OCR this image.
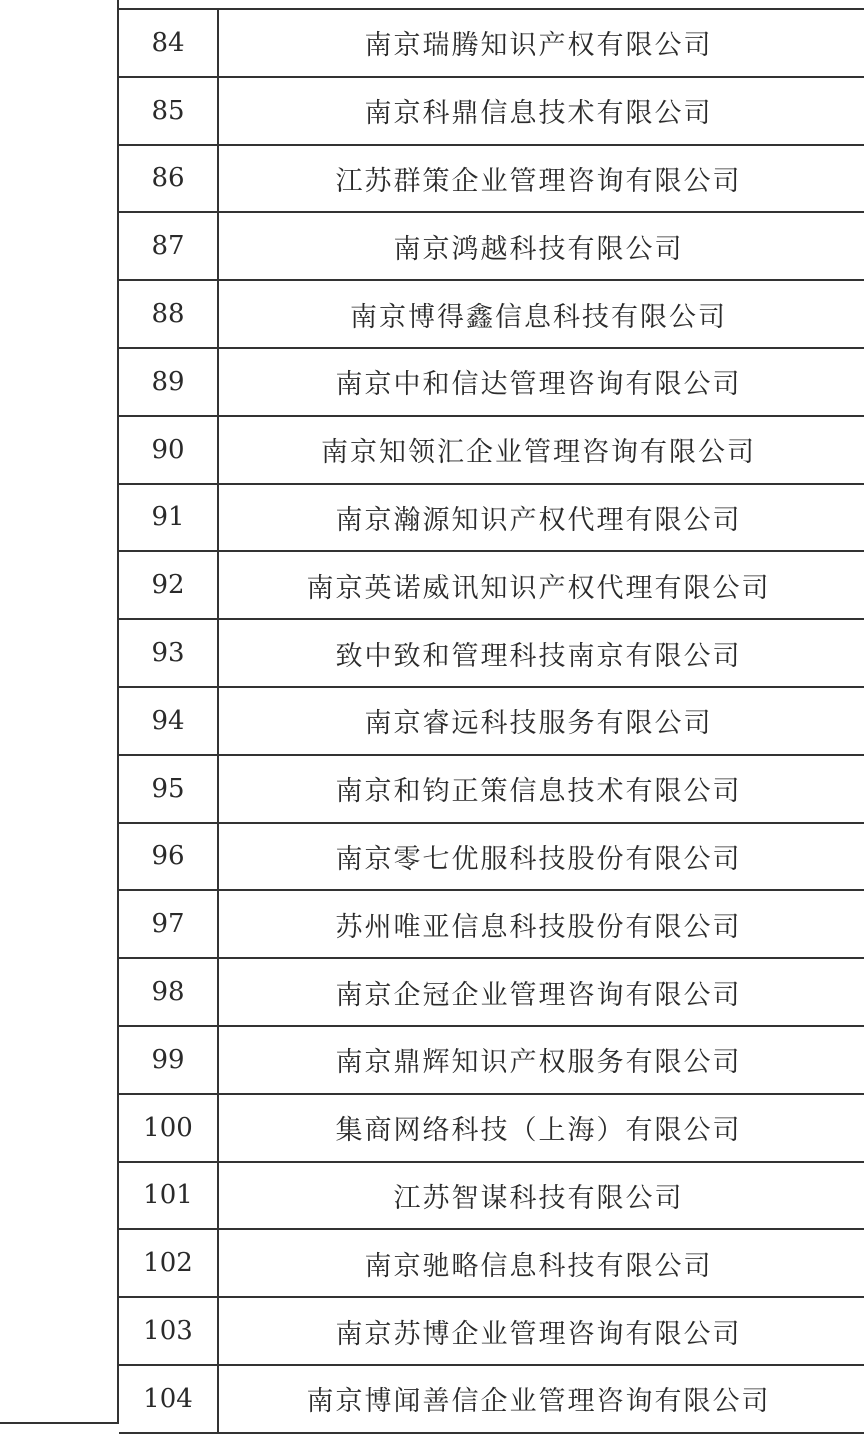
84	南京瑞腾知识产权有限公司
85	南京科鼎信息技术有限公司
86	江苏群策企业管理咨询有限公司
87	南京鸿越科技有限公司
88	南京博得鑫信息科技有限公司
89	南京中和信达管理咨询有限公司
90	南京知领汇企业管理咨询有限公司
91	南京瀚源知识产权代理有限公司
92	南京英诺威讯知识产权代理有限公司
93	致中致和管理科技南京有限公司
94	南京睿远科技服务有限公司
95	南京和钧正策信息技术有限公司
96	南京零七优服科技股份有限公司
97	苏州唯亚信息科技股份有限公司
98	南京企冠企业管理咨询有限公司
99	南京鼎辉知识产权服务有限公司
100	集商网络科技（上海）有限公司
101	江苏智谋科技有限公司
102	南京驰略信息科技有限公司
103	南京苏博企业管理咨询有限公司
104	南京博闻善信企业管理咨询有限公司
